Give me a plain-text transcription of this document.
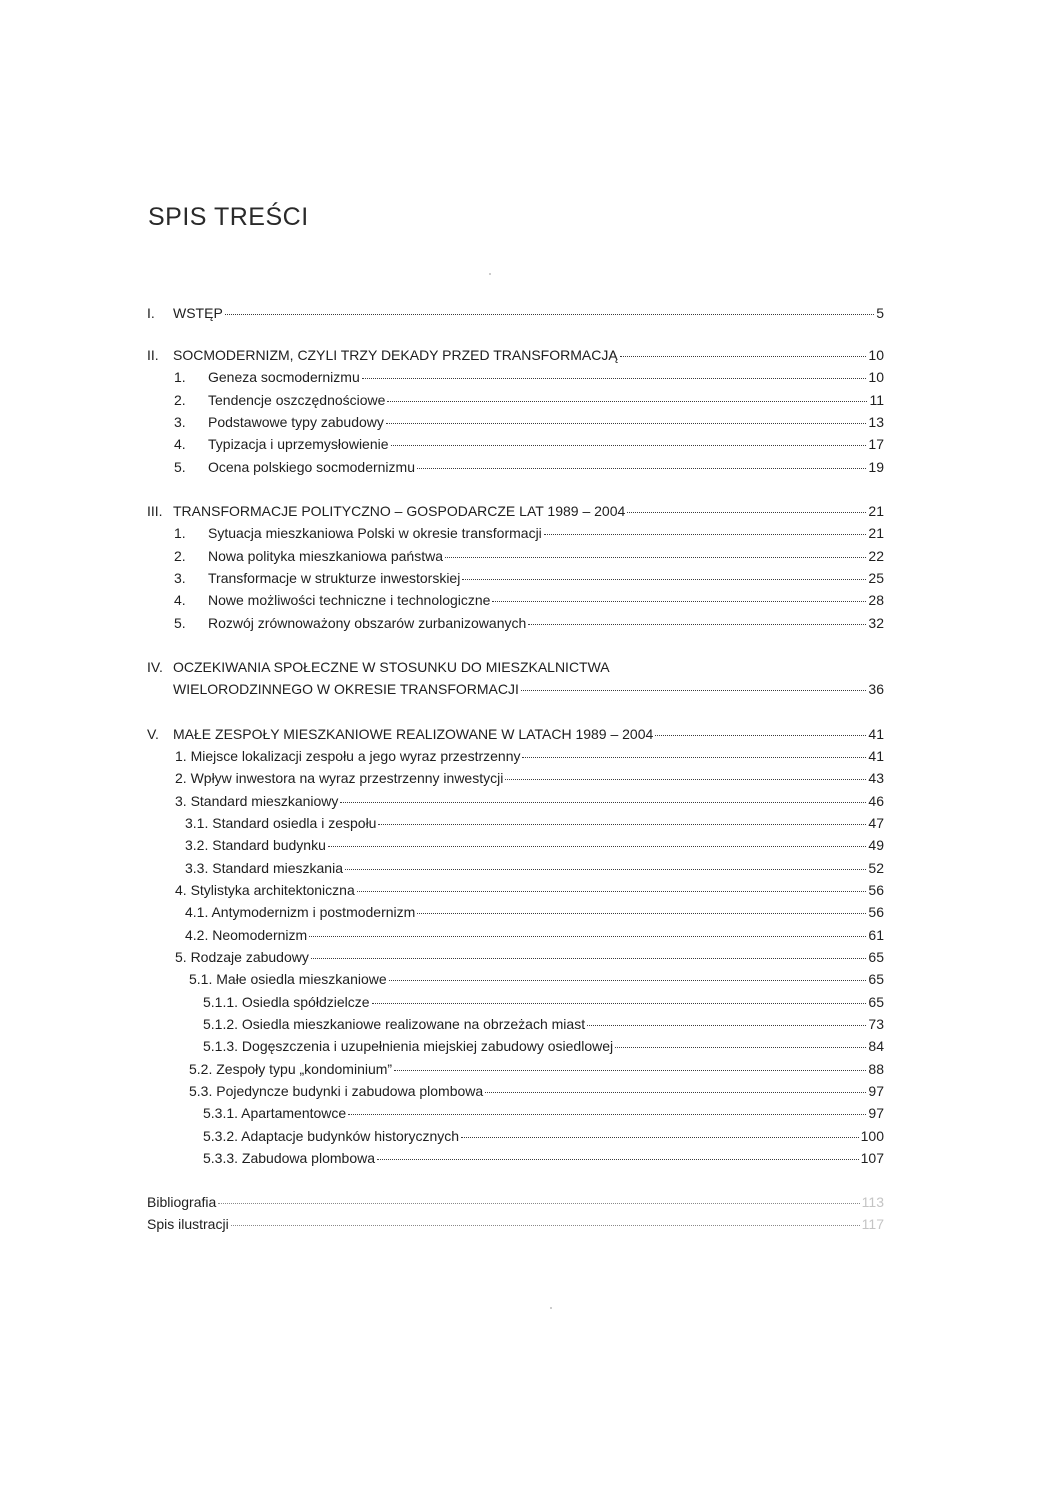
SPIS TREŚCI
I.	WSTĘP	5
II.	SOCMODERNIZM, CZYLI TRZY DEKADY PRZED TRANSFORMACJĄ	10
1.	Geneza socmodernizmu	10
2.	Tendencje oszczędnościowe	11
3.	Podstawowe typy zabudowy	13
4.	Typizacja i uprzemysłowienie	17
5.	Ocena polskiego socmodernizmu	19
III. TRANSFORMACJE POLITYCZNO – GOSPODARCZE LAT 1989 – 2004	21
1.	Sytuacja mieszkaniowa Polski w okresie transformacji	21
2.	Nowa polityka mieszkaniowa państwa	22
3.	Transformacje w strukturze inwestorskiej	25
4.	Nowe możliwości techniczne i technologiczne	28
5.	Rozwój zrównoważony obszarów zurbanizowanych	32
IV. OCZEKIWANIA SPOŁECZNE W STOSUNKU DO MIESZKALNICTWA
WIELORODZINNEGO W OKRESIE TRANSFORMACJI	36
V.	MAŁE ZESPOŁY MIESZKANIOWE REALIZOWANE W LATACH 1989 – 2004	41
1. Miejsce lokalizacji zespołu a jego wyraz przestrzenny	41
2. Wpływ inwestora na wyraz przestrzenny inwestycji	43
3. Standard mieszkaniowy	46
3.1. Standard osiedla i zespołu	47
3.2. Standard budynku	49
3.3. Standard mieszkania	52
4. Stylistyka architektoniczna	56
4.1. Antymodernizm i postmodernizm	56
4.2. Neomodernizm	61
5. Rodzaje zabudowy	65
5.1. Małe osiedla mieszkaniowe	65
5.1.1. Osiedla spółdzielcze	65
5.1.2. Osiedla mieszkaniowe realizowane na obrzeżach miast	73
5.1.3. Dogęszczenia i uzupełnienia miejskiej zabudowy osiedlowej	84
5.2. Zespoły typu „kondominium”	88
5.3. Pojedyncze budynki i zabudowa plombowa	97
5.3.1. Apartamentowce	97
5.3.2. Adaptacje budynków historycznych	100
5.3.3. Zabudowa plombowa	107
Bibliografia	113
Spis ilustracji	117
